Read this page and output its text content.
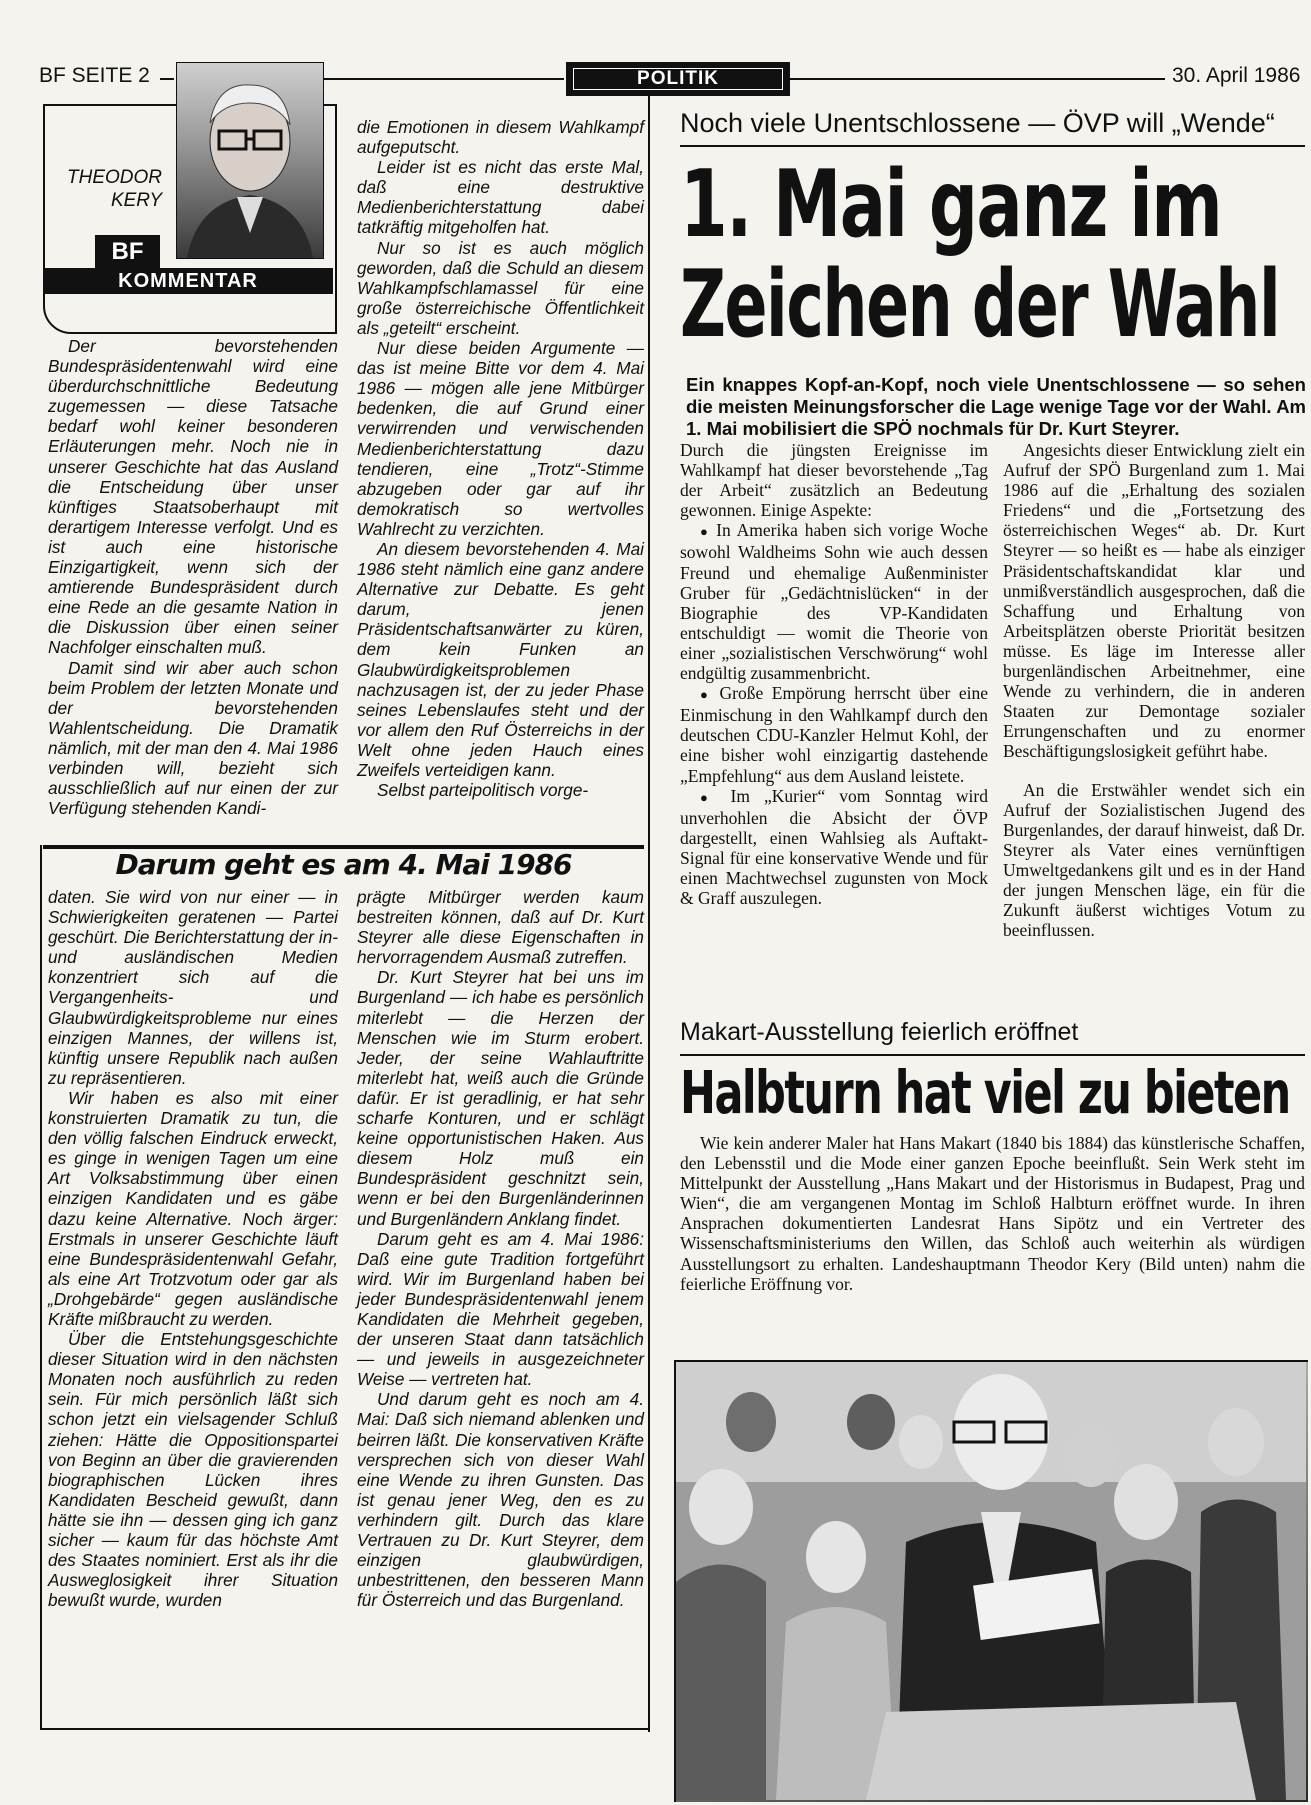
BF SEITE 2	POLITIK	30. April 1986
THEODOR
KERY
BF
KOMMENTAR

Der bevorstehenden Bundespräsidentenwahl wird eine überdurchschnittliche Bedeutung zugemessen — diese Tatsache bedarf wohl keiner besonderen Erläuterungen mehr. Noch nie in unserer Geschichte hat das Ausland die Entscheidung über unser künftiges Staatsoberhaupt mit derartigem Interesse verfolgt. Und es ist auch eine historische Einzigartigkeit, wenn sich der amtierende Bundespräsident durch eine Rede an die gesamte Nation in die Diskussion über einen seiner Nachfolger einschalten muß.

Damit sind wir aber auch schon beim Problem der letzten Monate und der bevorstehenden Wahlentscheidung. Die Dramatik nämlich, mit der man den 4. Mai 1986 verbinden will, bezieht sich ausschließlich auf nur einen der zur Verfügung stehenden Kandi-

die Emotionen in diesem Wahlkampf aufgeputscht.

Leider ist es nicht das erste Mal, daß eine destruktive Medienberichterstattung dabei tatkräftig mitgeholfen hat.

Nur so ist es auch möglich geworden, daß die Schuld an diesem Wahlkampfschlamassel für eine große österreichische Öffentlichkeit als „geteilt“ erscheint.

Nur diese beiden Argumente — das ist meine Bitte vor dem 4. Mai 1986 — mögen alle jene Mitbürger bedenken, die auf Grund einer verwirrenden und verwischenden Medienberichterstattung dazu tendieren, eine „Trotz“-Stimme abzugeben oder gar auf ihr demokratisch so wertvolles Wahlrecht zu verzichten.

An diesem bevorstehenden 4. Mai 1986 steht nämlich eine ganz andere Alternative zur Debatte. Es geht darum, jenen Präsidentschaftsanwärter zu küren, dem kein Funken an Glaubwürdigkeitsproblemen nachzusagen ist, der zu jeder Phase seines Lebenslaufes steht und der vor allem den Ruf Österreichs in der Welt ohne jeden Hauch eines Zweifels verteidigen kann.

Selbst parteipolitisch vorge-

Darum geht es am 4. Mai 1986

daten. Sie wird von nur einer — in Schwierigkeiten geratenen — Partei geschürt. Die Berichterstattung der in- und ausländischen Medien konzentriert sich auf die Vergangenheits- und Glaubwürdigkeitsprobleme nur eines einzigen Mannes, der willens ist, künftig unsere Republik nach außen zu repräsentieren.

Wir haben es also mit einer konstruierten Dramatik zu tun, die den völlig falschen Eindruck erweckt, es ginge in wenigen Tagen um eine Art Volksabstimmung über einen einzigen Kandidaten und es gäbe dazu keine Alternative. Noch ärger: Erstmals in unserer Geschichte läuft eine Bundespräsidentenwahl Gefahr, als eine Art Trotzvotum oder gar als „Drohgebärde“ gegen ausländische Kräfte mißbraucht zu werden.

Über die Entstehungsgeschichte dieser Situation wird in den nächsten Monaten noch ausführlich zu reden sein. Für mich persönlich läßt sich schon jetzt ein vielsagender Schluß ziehen: Hätte die Oppositionspartei von Beginn an über die gravierenden biographischen Lücken ihres Kandidaten Bescheid gewußt, dann hätte sie ihn — dessen ging ich ganz sicher — kaum für das höchste Amt des Staates nominiert. Erst als ihr die Ausweglosigkeit ihrer Situation bewußt wurde, wurden

prägte Mitbürger werden kaum bestreiten können, daß auf Dr. Kurt Steyrer alle diese Eigenschaften in hervorragendem Ausmaß zutreffen.

Dr. Kurt Steyrer hat bei uns im Burgenland — ich habe es persönlich miterlebt — die Herzen der Menschen wie im Sturm erobert. Jeder, der seine Wahlauftritte miterlebt hat, weiß auch die Gründe dafür. Er ist geradlinig, er hat sehr scharfe Konturen, und er schlägt keine opportunistischen Haken. Aus diesem Holz muß ein Bundespräsident geschnitzt sein, wenn er bei den Burgenländerinnen und Burgenländern Anklang findet.

Darum geht es am 4. Mai 1986: Daß eine gute Tradition fortgeführt wird. Wir im Burgenland haben bei jeder Bundespräsidentenwahl jenem Kandidaten die Mehrheit gegeben, der unseren Staat dann tatsächlich — und jeweils in ausgezeichneter Weise — vertreten hat.

Und darum geht es noch am 4. Mai: Daß sich niemand ablenken und beirren läßt. Die konservativen Kräfte versprechen sich von dieser Wahl eine Wende zu ihren Gunsten. Das ist genau jener Weg, den es zu verhindern gilt. Durch das klare Vertrauen zu Dr. Kurt Steyrer, dem einzigen glaubwürdigen, unbestrittenen, den besseren Mann für Österreich und das Burgenland.

Noch viele Unentschlossene — ÖVP will „Wende“
1. Mai ganz im
Zeichen der Wahl
Ein knappes Kopf-an-Kopf, noch viele Unentschlossene — so sehen die meisten Meinungsforscher die Lage wenige Tage vor der Wahl. Am 1. Mai mobilisiert die SPÖ nochmals für Dr. Kurt Steyrer.

Durch die jüngsten Ereignisse im Wahlkampf hat dieser bevorstehende „Tag der Arbeit“ zusätzlich an Bedeutung gewonnen. Einige Aspekte:

● In Amerika haben sich vorige Woche sowohl Waldheims Sohn wie auch dessen Freund und ehemalige Außenminister Gruber für „Gedächtnislücken“ in der Biographie des VP-Kandidaten entschuldigt — womit die Theorie von einer „sozialistischen Verschwörung“ wohl endgültig zusammenbricht.

● Große Empörung herrscht über eine Einmischung in den Wahlkampf durch den deutschen CDU-Kanzler Helmut Kohl, der eine bisher wohl einzigartig dastehende „Empfehlung“ aus dem Ausland leistete.

● Im „Kurier“ vom Sonntag wird unverhohlen die Absicht der ÖVP dargestellt, einen Wahlsieg als Auftakt-Signal für eine konservative Wende und für einen Machtwechsel zugunsten von Mock & Graff auszulegen.

Angesichts dieser Entwicklung zielt ein Aufruf der SPÖ Burgenland zum 1. Mai 1986 auf die „Erhaltung des sozialen Friedens“ und die „Fortsetzung des österreichischen Weges“ ab. Dr. Kurt Steyrer — so heißt es — habe als einziger Präsidentschaftskandidat klar und unmißverständlich ausgesprochen, daß die Schaffung und Erhaltung von Arbeitsplätzen oberste Priorität besitzen müsse. Es läge im Interesse aller burgenländischen Arbeitnehmer, eine Wende zu verhindern, die in anderen Staaten zur Demontage sozialer Errungenschaften und zu enormer Beschäftigungslosigkeit geführt habe.

An die Erstwähler wendet sich ein Aufruf der Sozialistischen Jugend des Burgenlandes, der darauf hinweist, daß Dr. Steyrer als Vater eines vernünftigen Umweltgedankens gilt und es in der Hand der jungen Menschen läge, ein für die Zukunft äußerst wichtiges Votum zu beeinflussen.

Makart-Ausstellung feierlich eröffnet
Halbturn hat viel zu bieten

Wie kein anderer Maler hat Hans Makart (1840 bis 1884) das künstlerische Schaffen, den Lebensstil und die Mode einer ganzen Epoche beeinflußt. Sein Werk steht im Mittelpunkt der Ausstellung „Hans Makart und der Historismus in Budapest, Prag und Wien“, die am vergangenen Montag im Schloß Halbturn eröffnet wurde. In ihren Ansprachen dokumentierten Landesrat Hans Sipötz und ein Vertreter des Wissenschaftsministeriums den Willen, das Schloß auch weiterhin als würdigen Ausstellungsort zu erhalten. Landeshauptmann Theodor Kery (Bild unten) nahm die feierliche Eröffnung vor.
